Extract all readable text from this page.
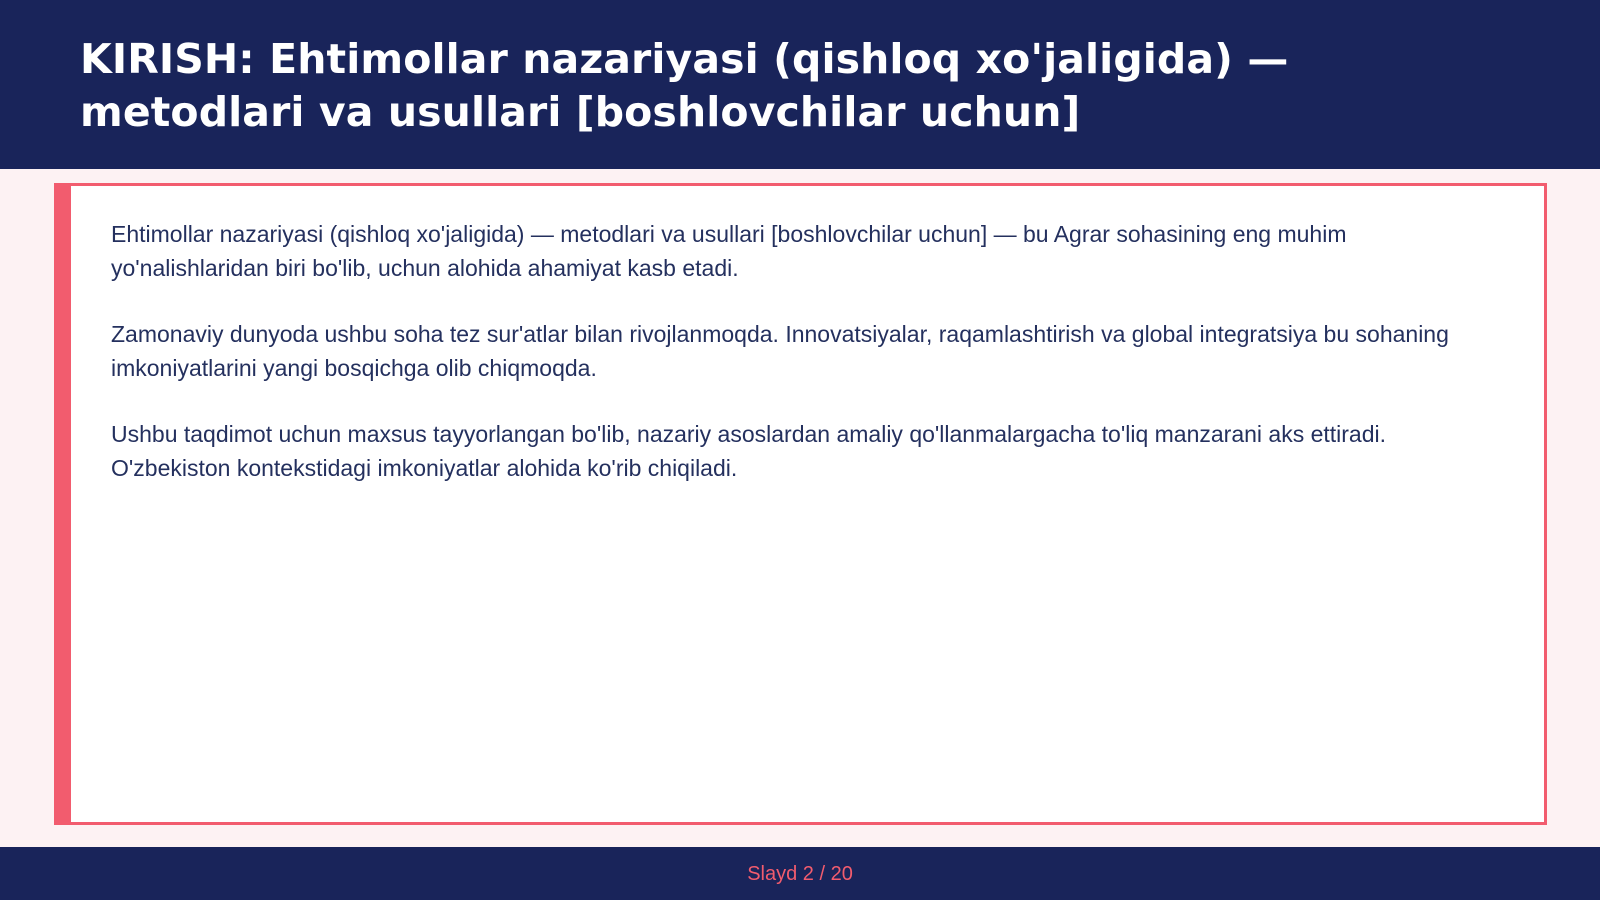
KIRISH: Ehtimollar nazariyasi (qishloq xo'jaligida) — metodlari va usullari [boshlovchilar uchun]

Ehtimollar nazariyasi (qishloq xo'jaligida) — metodlari va usullari [boshlovchilar uchun] — bu Agrar sohasining eng muhim yo'nalishlaridan biri bo'lib, uchun alohida ahamiyat kasb etadi.

Zamonaviy dunyoda ushbu soha tez sur'atlar bilan rivojlanmoqda. Innovatsiyalar, raqamlashtirish va global integratsiya bu sohaning imkoniyatlarini yangi bosqichga olib chiqmoqda.

Ushbu taqdimot uchun maxsus tayyorlangan bo'lib, nazariy asoslardan amaliy qo'llanmalargacha to'liq manzarani aks ettiradi. O'zbekiston kontekstidagi imkoniyatlar alohida ko'rib chiqiladi.

Slayd 2 / 20
